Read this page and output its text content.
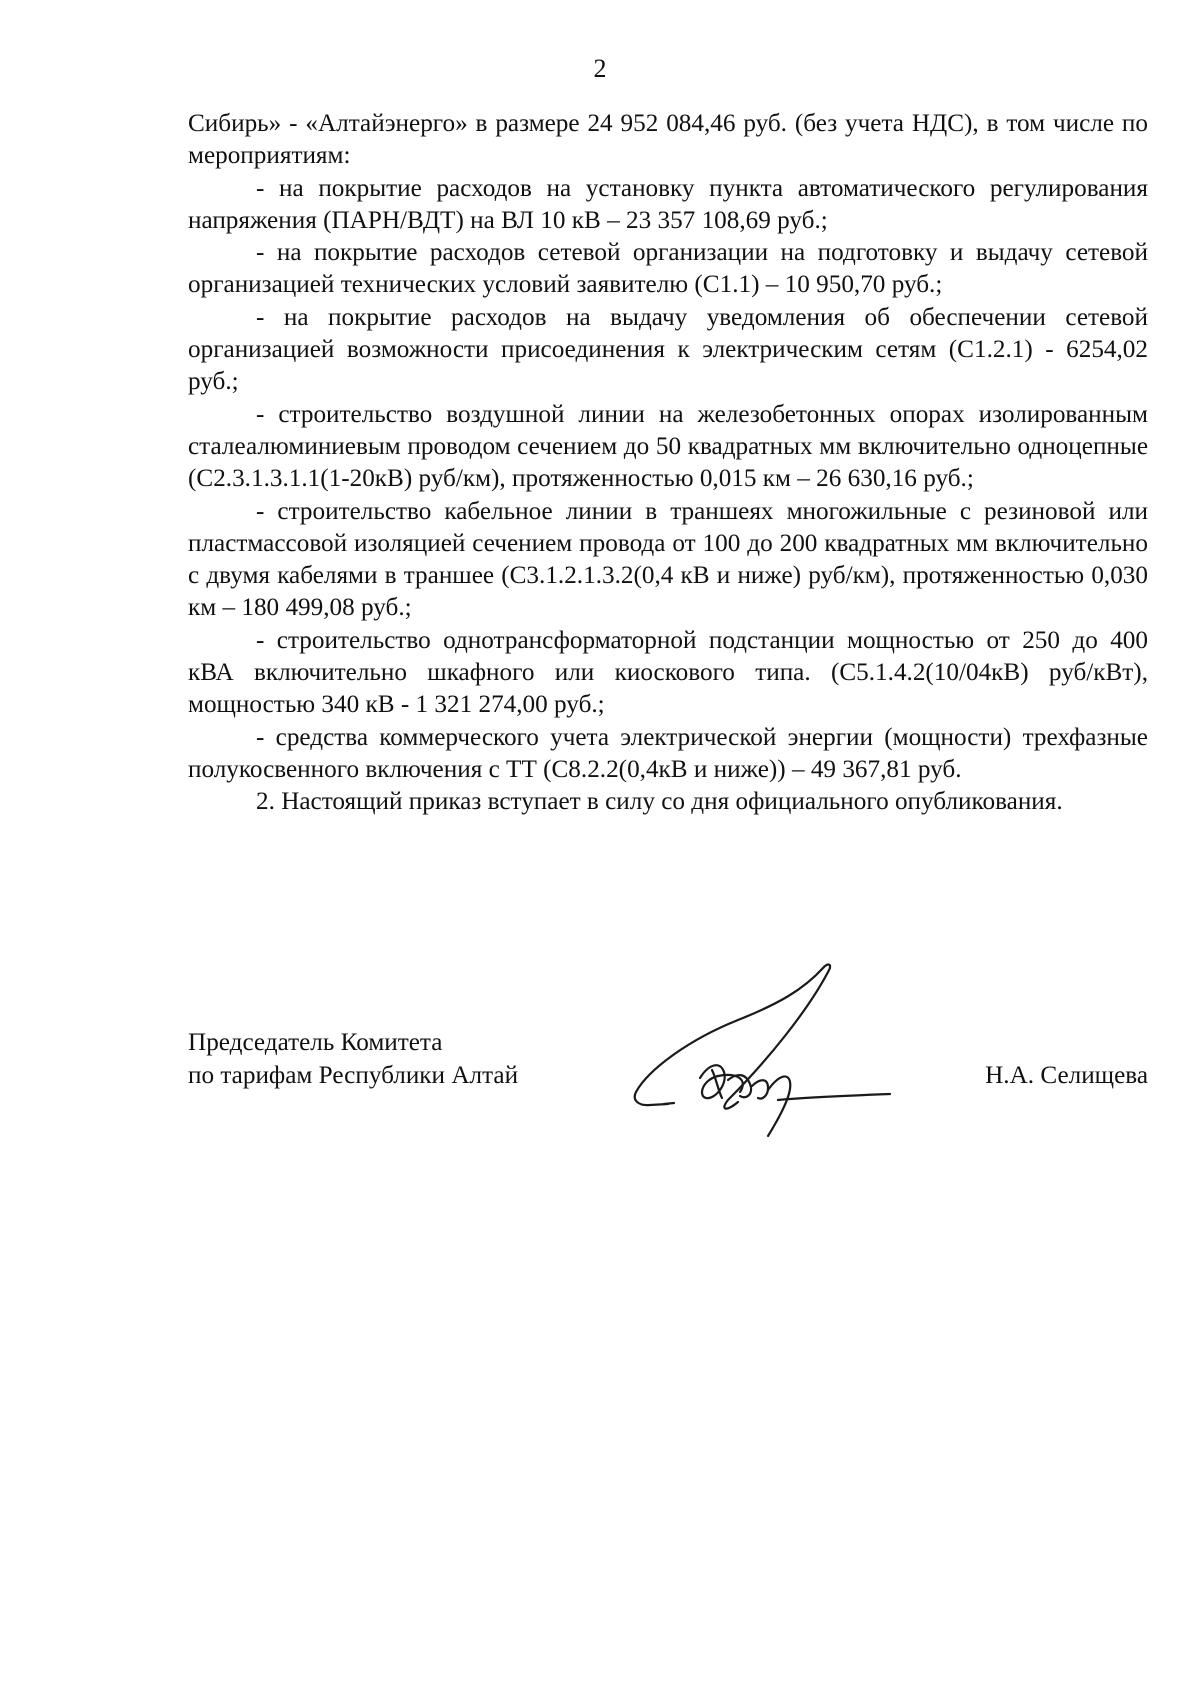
2

Сибирь» - «Алтайэнерго» в размере 24 952 084,46 руб. (без учета НДС), в том числе по мероприятиям:

- на покрытие расходов на установку пункта автоматического регулирования напряжения (ПАРН/ВДТ) на ВЛ 10 кВ – 23 357 108,69 руб.;

- на покрытие расходов сетевой организации на подготовку и выдачу сетевой организацией технических условий заявителю (С1.1) – 10 950,70 руб.;

- на покрытие расходов на выдачу уведомления об обеспечении сетевой организацией возможности присоединения к электрическим сетям (С1.2.1) - 6254,02 руб.;

- строительство воздушной линии на железобетонных опорах изолированным сталеалюминиевым проводом сечением до 50 квадратных мм включительно одноцепные (С2.3.1.3.1.1(1-20кВ) руб/км), протяженностью 0,015 км – 26 630,16 руб.;

- строительство кабельное линии в траншеях многожильные с резиновой или пластмассовой изоляцией сечением провода от 100 до 200 квадратных мм включительно с двумя кабелями в траншее (С3.1.2.1.3.2(0,4 кВ и ниже) руб/км), протяженностью 0,030 км – 180 499,08 руб.;

- строительство однотрансформаторной подстанции мощностью от 250 до 400 кВА включительно шкафного или киоскового типа. (С5.1.4.2(10/04кВ) руб/кВт), мощностью 340 кВ - 1 321 274,00 руб.;

- средства коммерческого учета электрической энергии (мощности) трехфазные полукосвенного включения с ТТ (С8.2.2(0,4кВ и ниже)) – 49 367,81 руб.

2. Настоящий приказ вступает в силу со дня официального опубликования.

Председатель Комитета
по тарифам Республики Алтай	Н.А. Селищева
